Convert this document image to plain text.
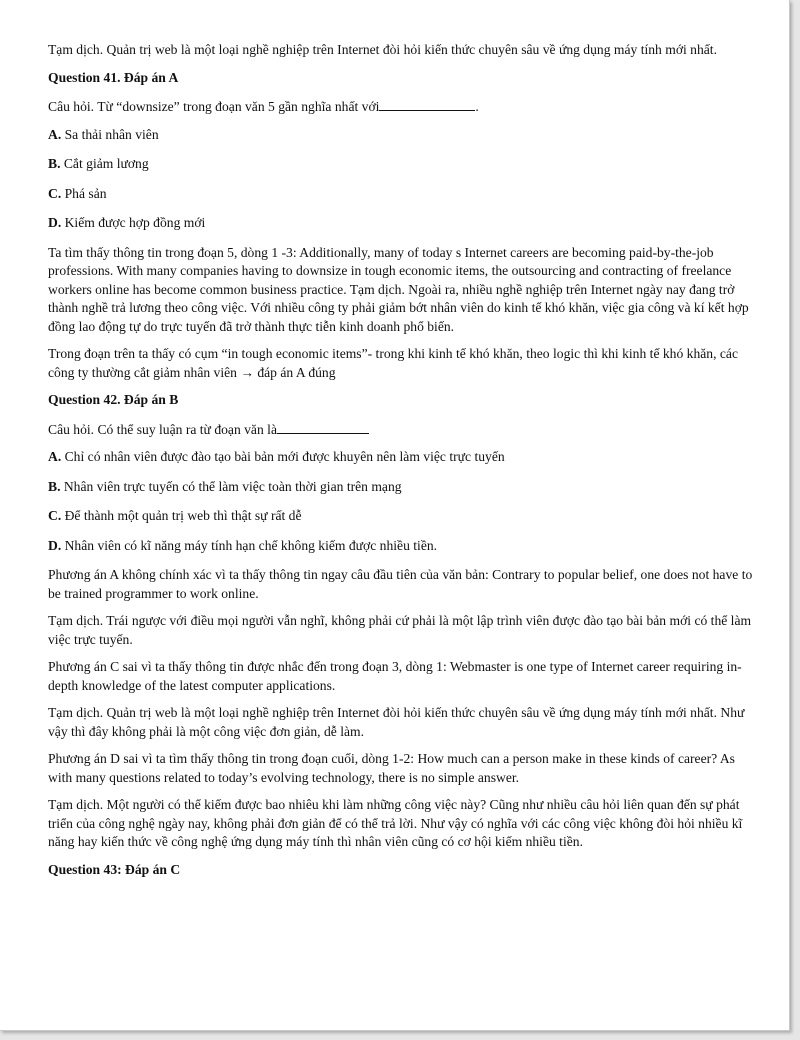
Tạm dịch. Quản trị web là một loại nghề nghiệp trên Internet đòi hỏi kiến thức chuyên sâu về ứng dụng máy tính mới nhất.

Question 41. Đáp án A

Câu hỏi. Từ “downsize” trong đoạn văn 5 gần nghĩa nhất với	.

A. Sa thải nhân viên

B. Cắt giảm lương

C. Phá sản

D. Kiếm được hợp đồng mới

Ta tìm thấy thông tin trong đoạn 5, dòng 1 -3: Additionally, many of today s Internet careers are becoming paid-by-the-job professions. With many companies having to downsize in tough economic items, the outsourcing and contracting of freelance workers online has become common business practice. Tạm dịch. Ngoài ra, nhiều nghề nghiệp trên Internet ngày nay đang trở thành nghề trả lương theo công việc. Với nhiều công ty phải giảm bớt nhân viên do kinh tế khó khăn, việc gia công và kí kết hợp đồng lao động tự do trực tuyến đã trở thành thực tiễn kinh doanh phổ biến.

Trong đoạn trên ta thấy có cụm “in tough economic items”- trong khi kinh tế khó khăn, theo logic thì khi kinh tế khó khăn, các công ty thường cắt giảm nhân viên → đáp án A đúng

Question 42. Đáp án B

Câu hỏi. Có thể suy luận ra từ đoạn văn là

A. Chỉ có nhân viên được đào tạo bài bản mới được khuyên nên làm việc trực tuyến

B. Nhân viên trực tuyến có thể làm việc toàn thời gian trên mạng

C. Để thành một quản trị web thì thật sự rất dễ

D. Nhân viên có kĩ năng máy tính hạn chế không kiếm được nhiều tiền.

Phương án A không chính xác vì ta thấy thông tin ngay câu đầu tiên của văn bản: Contrary to popular belief, one does not have to be trained programmer to work online.

Tạm dịch. Trái ngược với điều mọi người vẫn nghĩ, không phải cứ phải là một lập trình viên được đào tạo bài bản mới có thể làm việc trực tuyến.

Phương án C sai vì ta thấy thông tin được nhắc đến trong đoạn 3, dòng 1: Webmaster is one type of Internet career requiring in- depth knowledge of the latest computer applications.

Tạm dịch. Quản trị web là một loại nghề nghiệp trên Internet đòi hỏi kiến thức chuyên sâu về ứng dụng máy tính mới nhất. Như vậy thì đây không phải là một công việc đơn giản, dễ làm.

Phương án D sai vì ta tìm thấy thông tin trong đoạn cuối, dòng 1-2: How much can a person make in these kinds of career? As with many questions related to today’s evolving technology, there is no simple answer.

Tạm dịch. Một người có thể kiếm được bao nhiêu khi làm những công việc này? Cũng như nhiều câu hỏi liên quan đến sự phát triển của công nghệ ngày nay, không phải đơn giản để có thể trả lời. Như vậy có nghĩa với các công việc không đòi hỏi nhiều kĩ năng hay kiến thức về công nghệ ứng dụng máy tính thì nhân viên cũng có cơ hội kiếm nhiều tiền.

Question 43: Đáp án C
